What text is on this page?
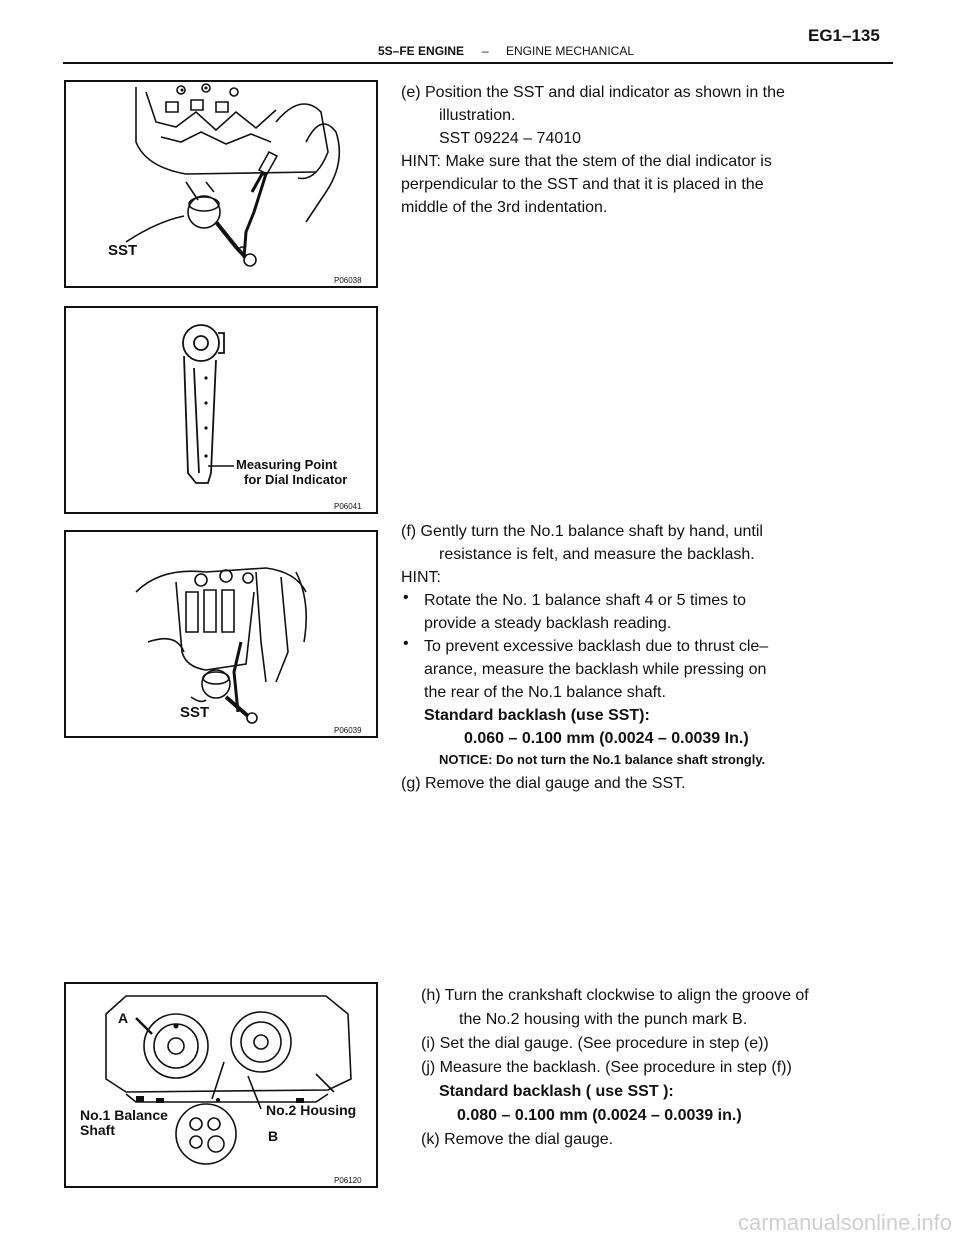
5S–FE ENGINE – ENGINE MECHANICAL
EG1–135
SST
P06038
Measuring Point
for Dial Indicator
P06041
SST
P06039
A
No.1 Balance
Shaft
No.2 Housing
B
P06120
(e) Position the SST and dial indicator as shown in the
illustration.
SST 09224 – 74010
HINT: Make sure that the stem of the dial indicator is
perpendicular to the SST and that it is placed in the
middle of the 3rd indentation.
(f) Gently turn the No.1 balance shaft by hand, until
resistance is felt, and measure the backlash.
HINT:
• Rotate the No. 1 balance shaft 4 or 5 times to
provide a steady backlash reading.
• To prevent excessive backlash due to thrust cle–
arance, measure the backlash while pressing on
the rear of the No.1 balance shaft.
Standard backlash (use SST):
0.060 – 0.100 mm (0.0024 – 0.0039 In.)
NOTICE: Do not turn the No.1 balance shaft strongly.
(g) Remove the dial gauge and the SST.
(h) Turn the crankshaft clockwise to align the groove of
the No.2 housing with the punch mark B.
(i) Set the dial gauge. (See procedure in step (e))
(j) Measure the backlash. (See procedure in step (f))
Standard backlash ( use SST ):
0.080 – 0.100 mm (0.0024 – 0.0039 in.)
(k) Remove the dial gauge.
carmanualsonline.info
